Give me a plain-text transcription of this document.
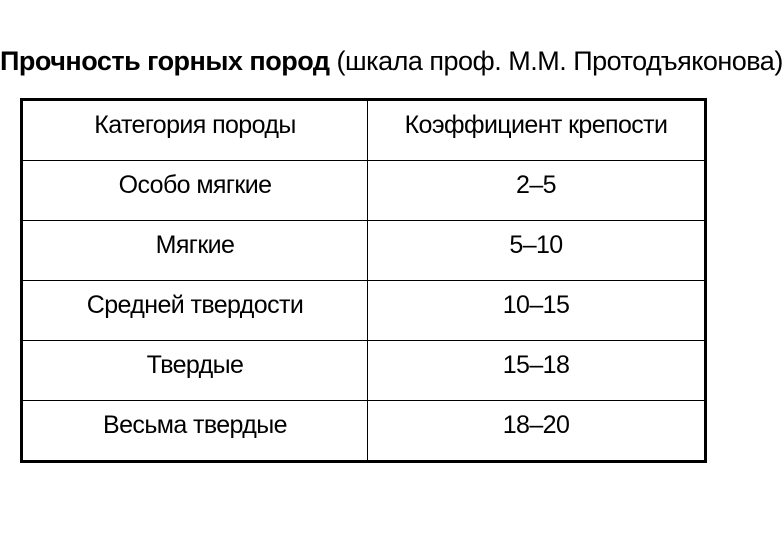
Прочность горных пород (шкала проф. М.М. Протодъяконова)
Категория породы	Коэффициент крепости

Особо мягкие	2–5

Мягкие	5–10

Средней твердости	10–15

Твердые	15–18

Весьма твердые	18–20
